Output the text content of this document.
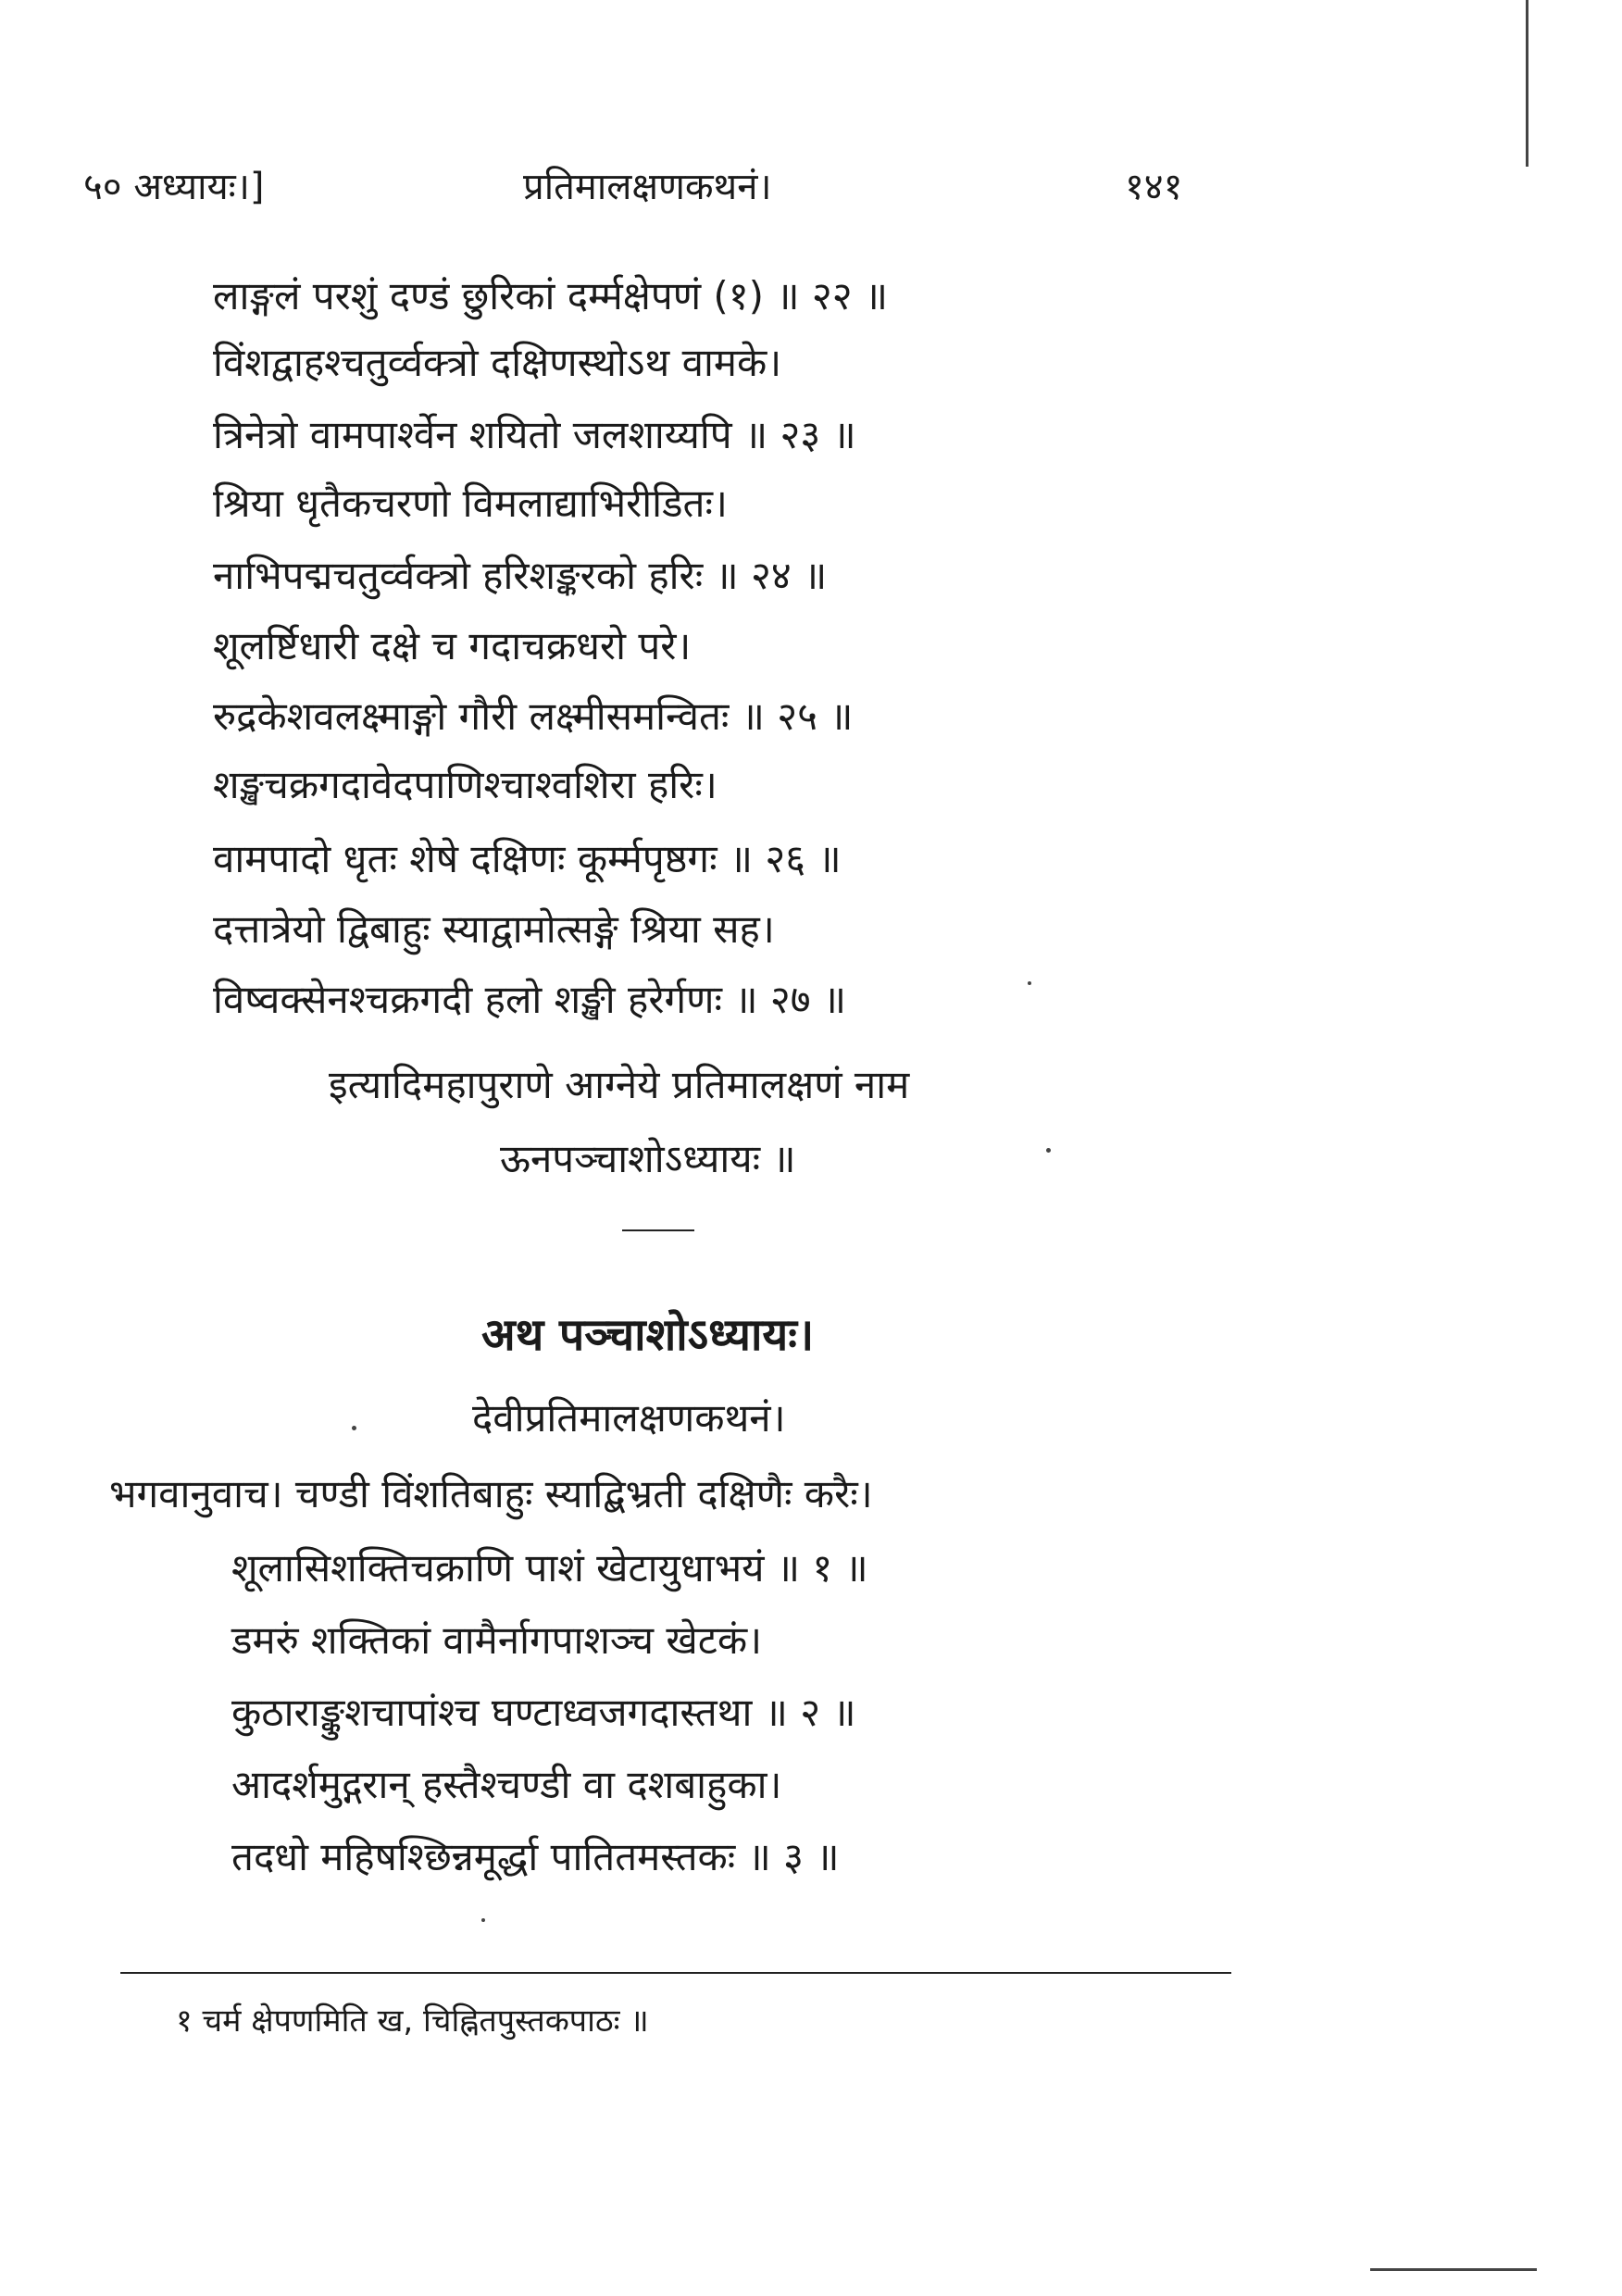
५० अध्यायः।]	प्रतिमालक्षणकथनं।	१४१
लाङ्गलं परशुं दण्डं छुरिकां दर्म्मक्षेपणं (१) ॥ २२ ॥
विंशद्वाहश्चतुर्व्वक्त्रो दक्षिणस्थोऽथ वामके।
त्रिनेत्रो वामपार्श्वेन शयितो जलशाय्यपि ॥ २३ ॥
श्रिया धृतैकचरणो विमलाद्याभिरीडितः।
नाभिपद्मचतुर्व्वक्त्रो हरिशङ्करको हरिः ॥ २४ ॥
शूलर्ष्टिधारी दक्षे च गदाचक्रधरो परे।
रुद्रकेशवलक्ष्माङ्गो गौरी लक्ष्मीसमन्वितः ॥ २५ ॥
शङ्खचक्रगदावेदपाणिश्चाश्वशिरा हरिः।
वामपादो धृतः शेषे दक्षिणः कूर्म्मपृष्ठगः ॥ २६ ॥
दत्तात्रेयो द्विबाहुः स्याद्वामोत्सङ्गे श्रिया सह।
विष्वक्सेनश्चक्रगदी हलो शङ्खी हरेर्गणः ॥ २७ ॥
इत्यादिमहापुराणे आग्नेये प्रतिमालक्षणं नाम
ऊनपञ्चाशोऽध्यायः ॥
अथ पञ्चाशोऽध्यायः।
देवीप्रतिमालक्षणकथनं।
भगवानुवाच। चण्डी विंशतिबाहुः स्याद्बिभ्रती दक्षिणैः करैः।
शूलासिशक्तिचक्राणि पाशं खेटायुधाभयं ॥ १ ॥
डमरुं शक्तिकां वामैर्नागपाशञ्च खेटकं।
कुठाराङ्कुशचापांश्च घण्टाध्वजगदास्तथा ॥ २ ॥
आदर्शमुद्गरान् हस्तैश्चण्डी वा दशबाहुका।
तदधो महिषश्छिन्नमूर्द्धा पातितमस्तकः ॥ ३ ॥
१ चर्म क्षेपणमिति ख, चिह्नितपुस्तकपाठः ॥
